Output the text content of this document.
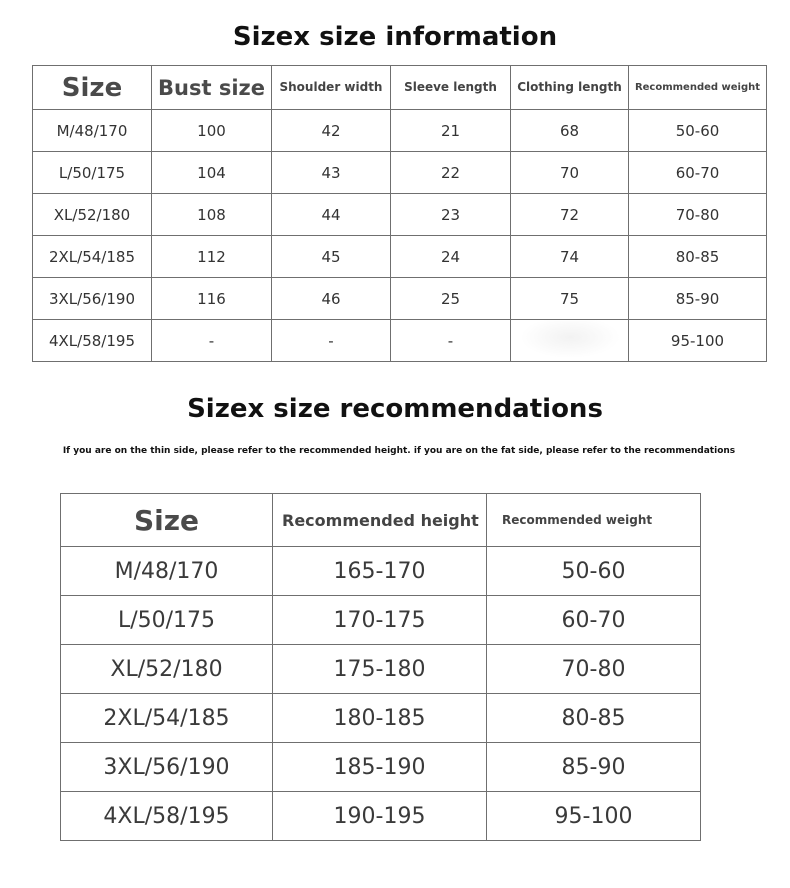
Sizex size information
Size	Bust size	Shoulder width	Sleeve length	Clothing length	Recommended weight
M/48/170	100	42	21	68	50-60
L/50/175	104	43	22	70	60-70
XL/52/180	108	44	23	72	70-80
2XL/54/185	112	45	24	74	80-85
3XL/56/190	116	46	25	75	85-90
4XL/58/195	-	-	-		95-100
Sizex size recommendations
If you are on the thin side, please refer to the recommended height. if you are on the fat side, please refer to the recommendations
Size	Recommended height	Recommended weight
M/48/170	165-170	50-60
L/50/175	170-175	60-70
XL/52/180	175-180	70-80
2XL/54/185	180-185	80-85
3XL/56/190	185-190	85-90
4XL/58/195	190-195	95-100
